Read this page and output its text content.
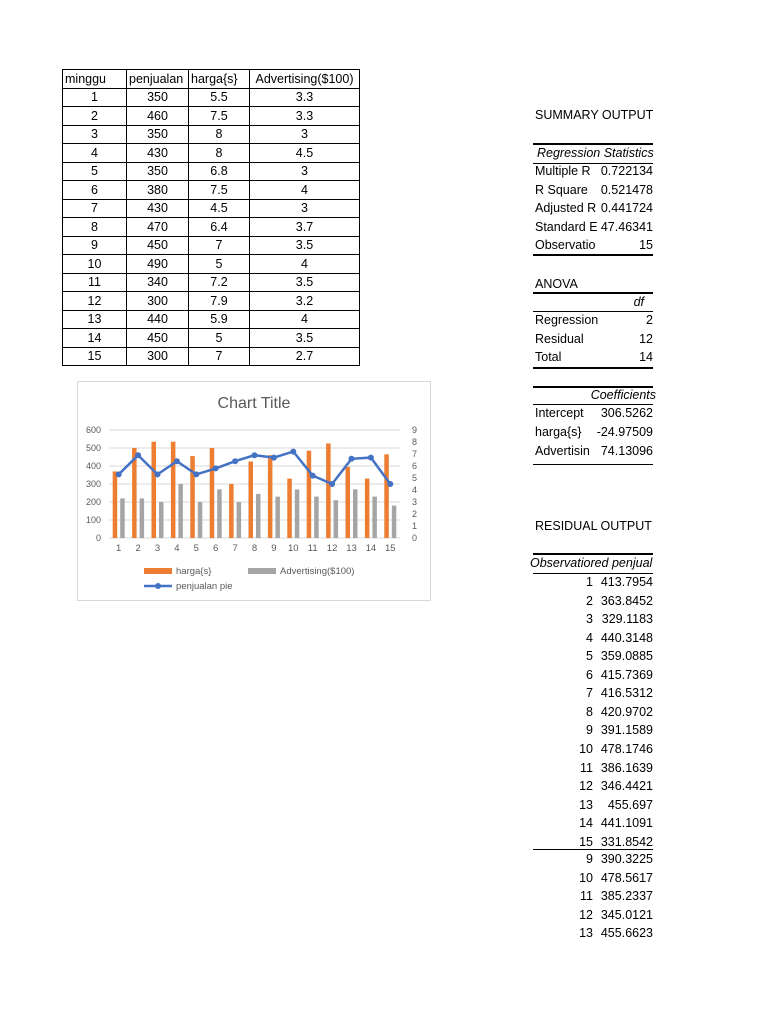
minggu	penjualan	harga{s}	Advertising($100)
1	350	5.5	3.3
2	460	7.5	3.3
3	350	8	3
4	430	8	4.5
5	350	6.8	3
6	380	7.5	4
7	430	4.5	3
8	470	6.4	3.7
9	450	7	3.5
10	490	5	4
11	340	7.2	3.5
12	300	7.9	3.2
13	440	5.9	4
14	450	5	3.5
15	300	7	2.7
Chart Title
0
100
200
300
400
500
600
0
1
2
3
4
5
6
7
8
9
1 2 3 4 5 6 7 8 9 10 11 12 13 14 15
harga{s}	Advertising($100)
penjualan pie
SUMMARY OUTPUT
Regression Statistics
Multiple R 0.722134
R Square 0.521478
Adjusted R 0.441724
Standard E 47.46341
Observatio	15
ANOVA
df
Regression	2
Residual	12
Total	14
Coefficients
Intercept 306.5262
harga{s} -24.97509
Advertisin 74.13096
RESIDUAL OUTPUT
Observatiored penjual
1 413.7954
2 363.8452
3 329.1183
4 440.3148
5 359.0885
6 415.7369
7 416.5312
8 420.9702
9 391.1589
10 478.1746
11 386.1639
12 346.4421
13 455.697
14 441.1091
15 331.8542
9 390.3225
10 478.5617
11 385.2337
12 345.0121
13 455.6623
